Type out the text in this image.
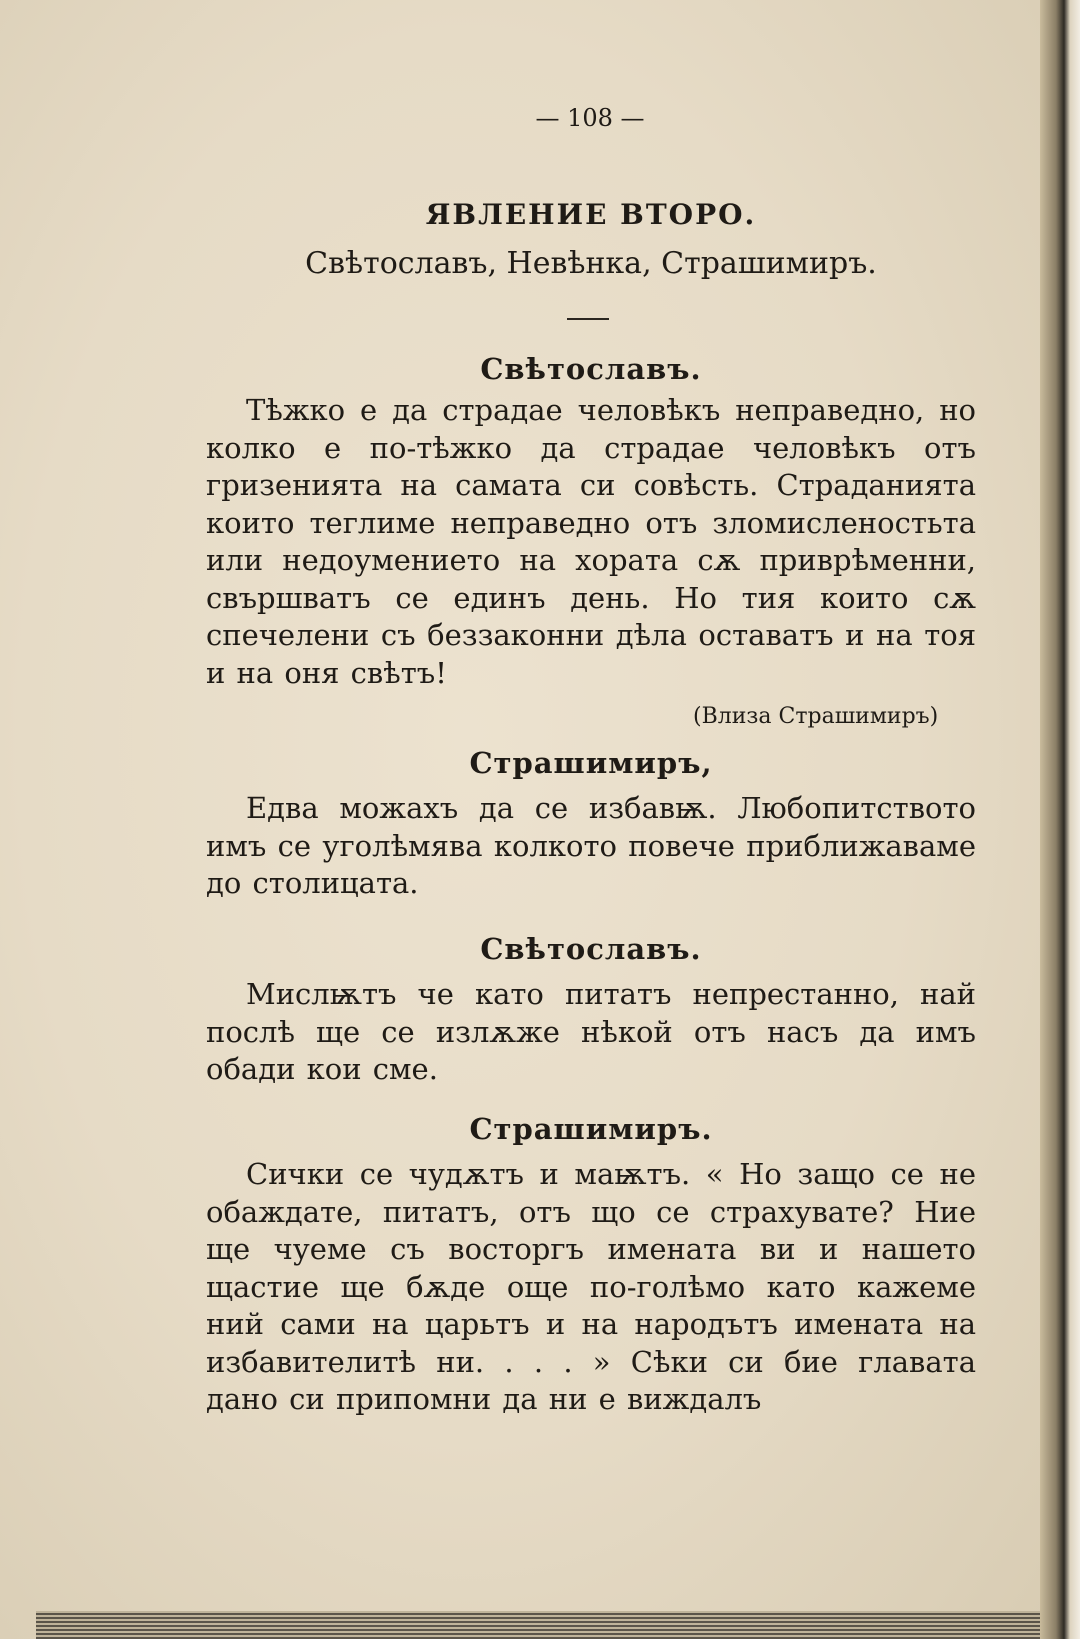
— 108 —
ЯВЛЕНИЕ ВТОРО.
Свѣтославъ, Невѣнка, Страшимиръ.
Свѣтославъ.
Тѣжко е да страдае человѣкъ неправедно, но колко е по-тѣжко да страдае человѣкъ отъ гризенията на самата си совѣсть. Страданията които теглиме неправедно отъ зломисленостьта или недоумението на хората сѫ приврѣменни, свършватъ се единъ день. Но тия които сѫ спечелени съ беззаконни дѣла оставатъ и на тоя и на оня свѣтъ!
(Влиза Страшимиръ)
Страшимиръ,
Едва можахъ да се избавѭ. Любопитството имъ се уголѣмява колкото повече приближаваме до столицата.
Свѣтославъ.
Мислѭтъ че като питатъ непрестанно, най послѣ ще се излѫже нѣкой отъ насъ да имъ обади кои сме.
Страшимиръ.
Сички се чудѫтъ и маѭтъ. « Но защо се не обаждате, питатъ, отъ що се страхувате? Ние ще чуеме съ восторгъ имената ви и нашето щастие ще бѫде още по-голѣмо като кажеме ний сами на царьтъ и на народътъ имената на избавителитѣ ни. . . . » Сѣки си бие главата дано си припомни да ни е виждалъ
